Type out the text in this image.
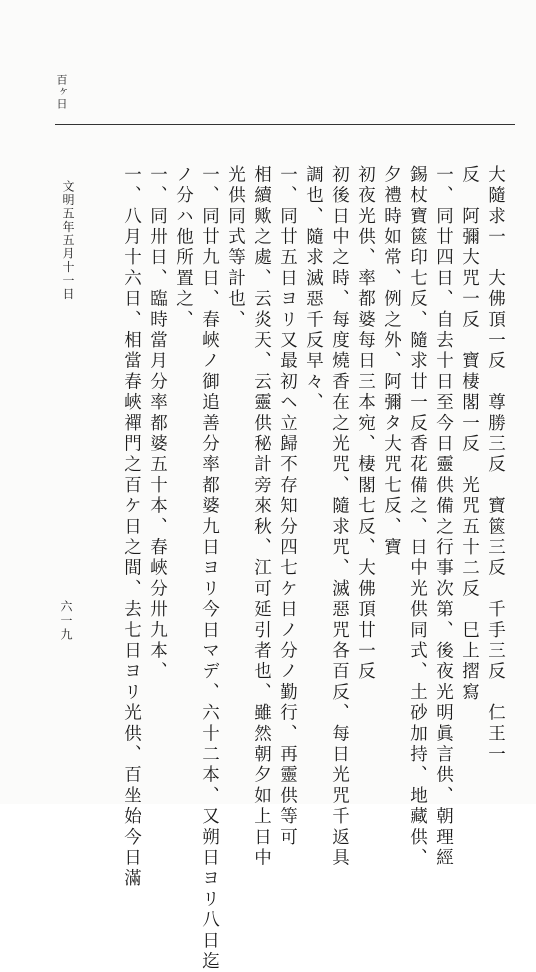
百ヶ日
大隨求一　大佛頂一反　尊勝三反　寶篋三反　千手三反　仁王一
反　阿彌大咒一反　寶棲閣一反　光咒五十二反　巳上摺寫
一、同廿四日、自去十日至今日靈供備之行事次第、後夜光明眞言供、朝理經
錫杖寶篋印七反、隨求廿一反香花備之、日中光供同式、土砂加持、地藏供、
夕禮時如常、例之外、阿彌タ大咒七反、寶
初夜光供、率都婆每日三本宛、棲閣七反、大佛頂廿一反
初後日中之時、每度燒香在之光咒、隨求咒、滅惡咒各百反、每日光咒千返具
調也、隨求滅惡千反早々、
一、同廿五日ヨリ又最初ヘ立歸不存知分四七ケ日ノ分ノ勤行、再靈供等可
相續歟之處、云炎天、云靈供秘計旁來秋、江可延引者也、雖然朝夕如上日中
光供同式等計也、
一、同廿九日、春峽ノ御追善分率都婆九日ヨリ今日マデ、六十二本、又朔日ヨリ八日迄
ノ分ハ他所置之、
一、同卅日、臨時當月分率都婆五十本、春峽分卅九本、
一、八月十六日、相當春峽禪門之百ケ日之間、去七日ヨリ光供、百坐始今日滿
文明五年五月十一日
六一九
